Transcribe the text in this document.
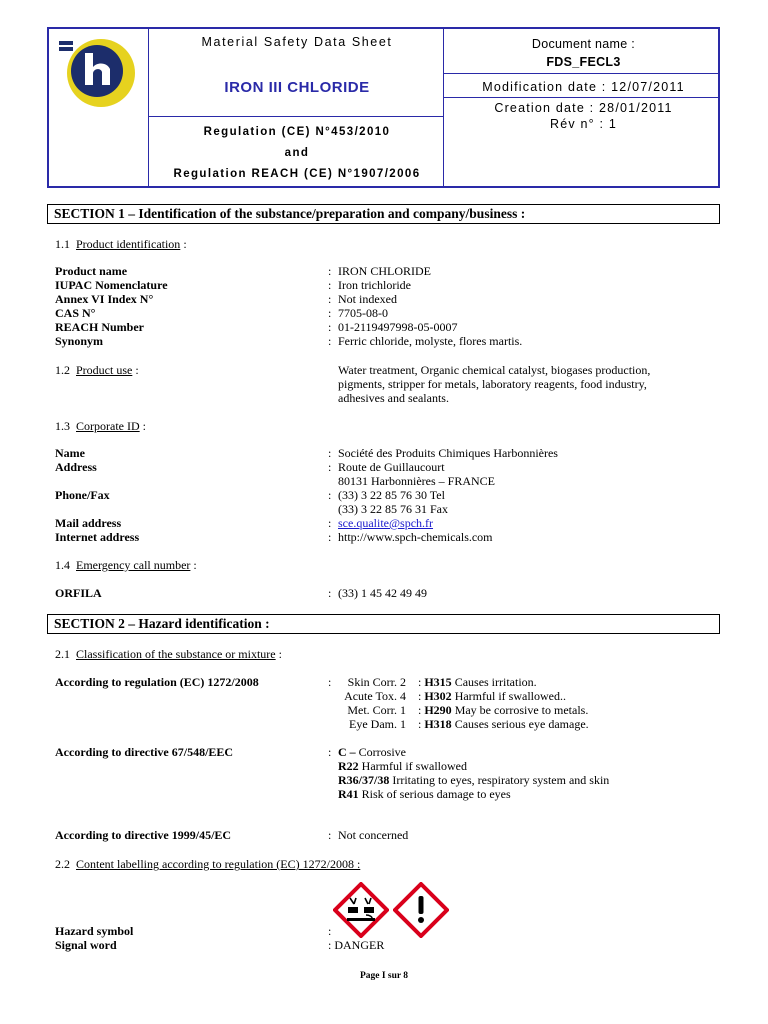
Material Safety Data Sheet
IRON III CHLORIDE
Regulation (CE) N°453/2010
and
Regulation REACH (CE) N°1907/2006
Document name :
FDS_FECL3
Modification date : 12/07/2011
Creation date : 28/01/2011
Rév n° : 1
SECTION 1 – Identification of the substance/preparation and company/business :
1.1 Product identification :
Product name	: IRON CHLORIDE
IUPAC Nomenclature	: Iron trichloride
Annex VI Index N°	: Not indexed
CAS N°	: 7705-08-0
REACH Number	: 01-2119497998-05-0007
Synonym	: Ferric chloride, molyste, flores martis.
1.2 Product use :	Water treatment, Organic chemical catalyst, biogases production,
pigments, stripper for metals, laboratory reagents, food industry,
adhesives and sealants.
1.3 Corporate ID :
Name	: Société des Produits Chimiques Harbonnières
Address	: Route de Guillaucourt
80131 Harbonnières – FRANCE
Phone/Fax	: (33) 3 22 85 76 30 Tel
(33) 3 22 85 76 31 Fax
Mail address	: sce.qualite@spch.fr
Internet address	: http://www.spch-chemicals.com
1.4 Emergency call number :
ORFILA	: (33) 1 45 42 49 49
SECTION 2 – Hazard identification :
2.1 Classification of the substance or mixture :
According to regulation (EC) 1272/2008	:	Skin Corr. 2 : H315 Causes irritation.
Acute Tox. 4 : H302 Harmful if swallowed..
Met. Corr. 1 : H290 May be corrosive to metals.
Eye Dam. 1 : H318 Causes serious eye damage.
According to directive 67/548/EEC	: C – Corrosive
R22 Harmful if swallowed
R36/37/38 Irritating to eyes, respiratory system and skin
R41 Risk of serious damage to eyes
According to directive 1999/45/EC	: Not concerned
2.2 Content labelling according to regulation (EC) 1272/2008 :
Hazard symbol	:
Signal word	: DANGER
Page I sur 8
